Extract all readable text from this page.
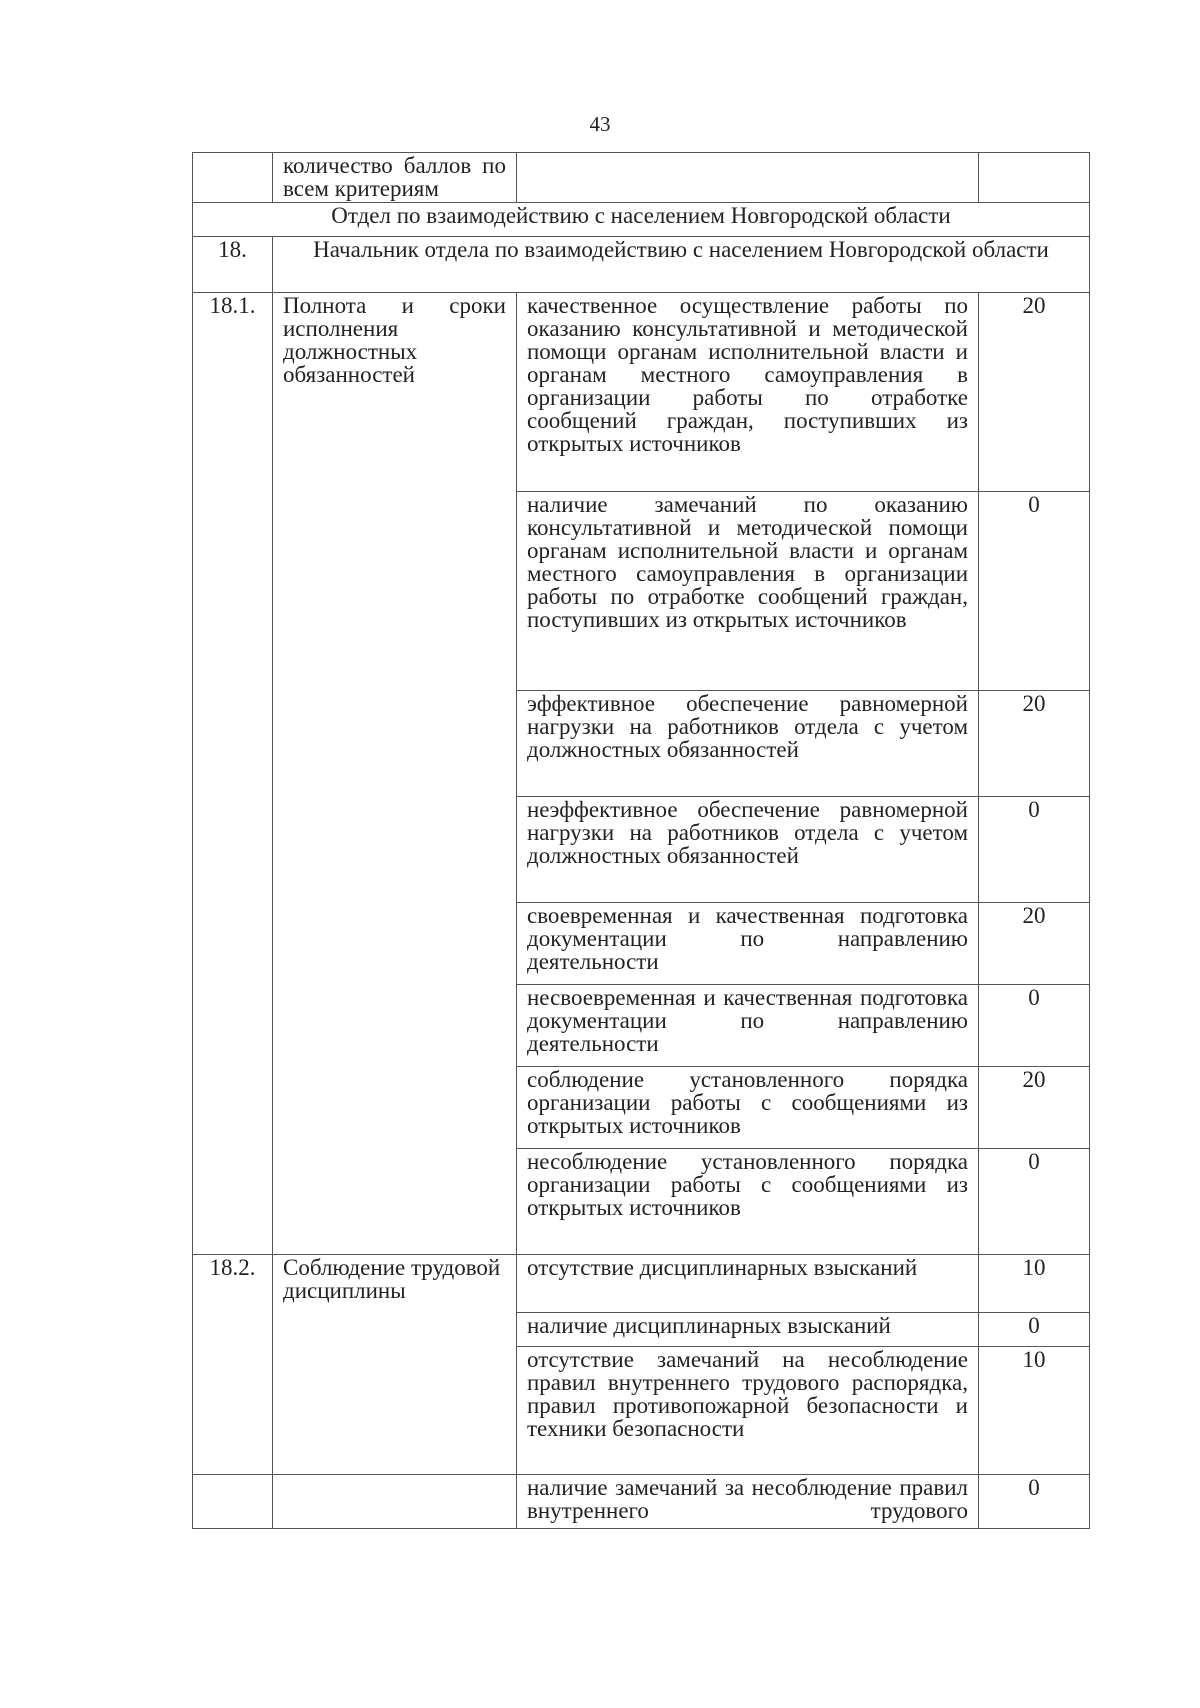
43
	количество баллов по всем критериям		
Отдел по взаимодействию с населением Новгородской области			
18.	Начальник отдела по взаимодействию с населением Новгородской области		
18.1.	Полнота и сроки исполнения должностных обязанностей	качественное осуществление работы по оказанию консультативной и методической помощи органам исполнительной власти и органам местного самоуправления в организации работы по отработке сообщений граждан, поступивших из открытых источников	20
		наличие замечаний по оказанию консультативной и методической помощи органам исполнительной власти и органам местного самоуправления в организации работы по отработке сообщений граждан, поступивших из открытых источников	0
		эффективное обеспечение равномерной нагрузки на работников отдела с учетом должностных обязанностей	20
		неэффективное обеспечение равномерной нагрузки на работников отдела с учетом должностных обязанностей	0
		своевременная и качественная подготовка документации по направлению деятельности	20
		несвоевременная и качественная подготовка документации по направлению деятельности	0
		соблюдение установленного порядка организации работы с сообщениями из открытых источников	20
		несоблюдение установленного порядка организации работы с сообщениями из открытых источников	0
18.2.	Соблюдение трудовой дисциплины	отсутствие дисциплинарных взысканий	10
		наличие дисциплинарных взысканий	0
		отсутствие замечаний на несоблюдение правил внутреннего трудового распорядка, правил противопожарной безопасности и техники безопасности	10
		наличие замечаний за несоблюдение правил внутреннего трудового	0
